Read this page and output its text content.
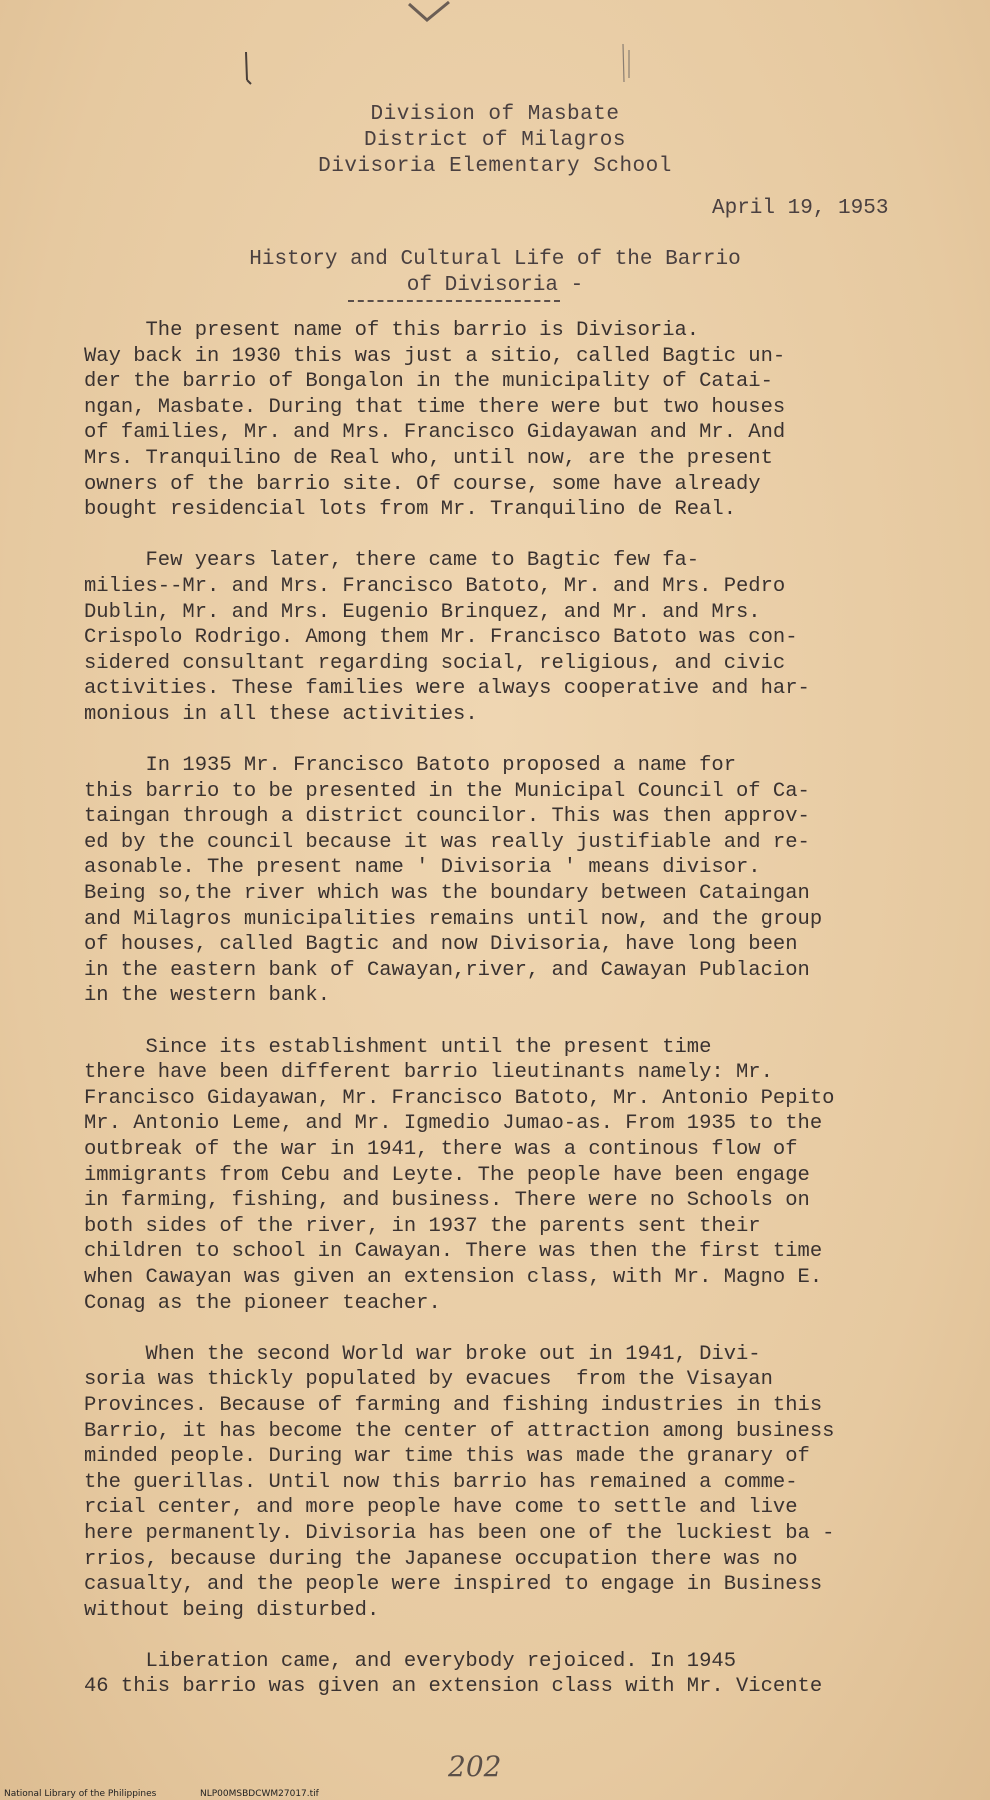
Division of Masbate
District of Milagros
Divisoria Elementary School
April 19, 1953
History and Cultural Life of the Barrio
of Divisoria -
The present name of this barrio is Divisoria.
Way back in 1930 this was just a sitio, called Bagtic un-
der the barrio of Bongalon in the municipality of Catai-
ngan, Masbate. During that time there were but two houses
of families, Mr. and Mrs. Francisco Gidayawan and Mr. And
Mrs. Tranquilino de Real who, until now, are the present
owners of the barrio site. Of course, some have already
bought residencial lots from Mr. Tranquilino de Real.
Few years later, there came to Bagtic few fa-
milies--Mr. and Mrs. Francisco Batoto, Mr. and Mrs. Pedro
Dublin, Mr. and Mrs. Eugenio Brinquez, and Mr. and Mrs.
Crispolo Rodrigo. Among them Mr. Francisco Batoto was con-
sidered consultant regarding social, religious, and civic
activities. These families were always cooperative and har-
monious in all these activities.
In 1935 Mr. Francisco Batoto proposed a name for
this barrio to be presented in the Municipal Council of Ca-
taingan through a district councilor. This was then approv-
ed by the council because it was really justifiable and re-
asonable. The present name ' Divisoria ' means divisor.
Being so,the river which was the boundary between Cataingan
and Milagros municipalities remains until now, and the group
of houses, called Bagtic and now Divisoria, have long been
in the eastern bank of Cawayan,river, and Cawayan Publacion
in the western bank.
Since its establishment until the present time
there have been different barrio lieutinants namely: Mr.
Francisco Gidayawan, Mr. Francisco Batoto, Mr. Antonio Pepito
Mr. Antonio Leme, and Mr. Igmedio Jumao-as. From 1935 to the
outbreak of the war in 1941, there was a continous flow of
immigrants from Cebu and Leyte. The people have been engage
in farming, fishing, and business. There were no Schools on
both sides of the river, in 1937 the parents sent their
children to school in Cawayan. There was then the first time
when Cawayan was given an extension class, with Mr. Magno E.
Conag as the pioneer teacher.
When the second World war broke out in 1941, Divi-
soria was thickly populated by evacues  from the Visayan
Provinces. Because of farming and fishing industries in this
Barrio, it has become the center of attraction among business
minded people. During war time this was made the granary of
the guerillas. Until now this barrio has remained a comme-
rcial center, and more people have come to settle and live
here permanently. Divisoria has been one of the luckiest ba -
rrios, because during the Japanese occupation there was no
casualty, and the people were inspired to engage in Business
without being disturbed.
Liberation came, and everybody rejoiced. In 1945
46 this barrio was given an extension class with Mr. Vicente
202
National Library of the Philippines	NLP00MSBDCWM27017.tif
